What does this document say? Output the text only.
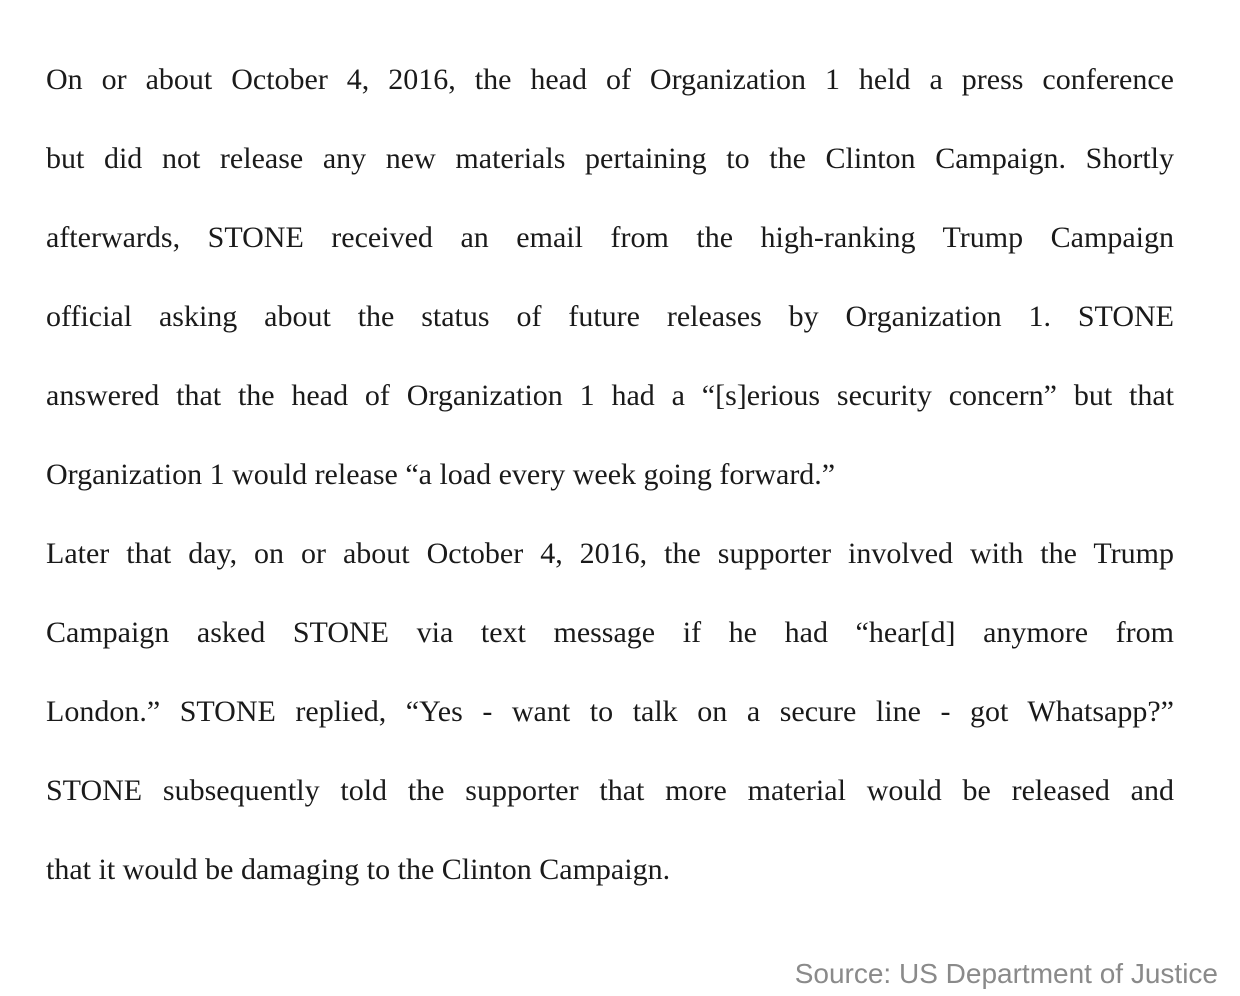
On or about October 4, 2016, the head of Organization 1 held a press conference
but did not release any new materials pertaining to the Clinton Campaign. Shortly
afterwards, STONE received an email from the high-ranking Trump Campaign
official asking about the status of future releases by Organization 1. STONE
answered that the head of Organization 1 had a “[s]erious security concern” but that
Organization 1 would release “a load every week going forward.”
Later that day, on or about October 4, 2016, the supporter involved with the Trump
Campaign asked STONE via text message if he had “hear[d] anymore from
London.” STONE replied, “Yes - want to talk on a secure line - got Whatsapp?”
STONE subsequently told the supporter that more material would be released and
that it would be damaging to the Clinton Campaign.
Source: US Department of Justice
